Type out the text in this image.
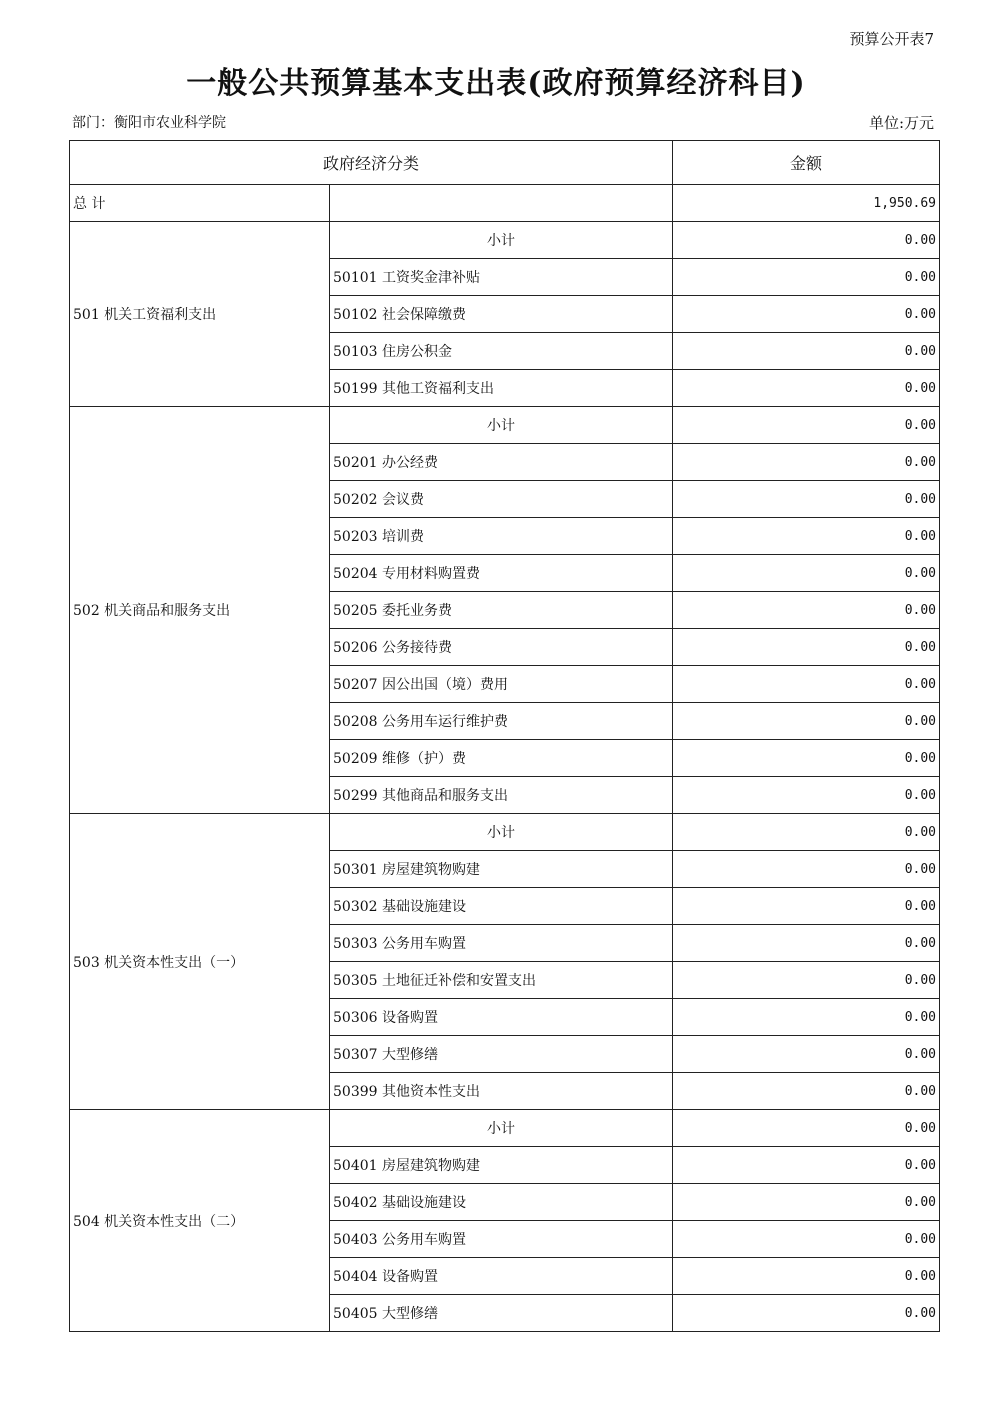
预算公开表7
一般公共预算基本支出表(政府预算经济科目)
部门：衡阳市农业科学院	单位:万元
政府经济分类		金额
总 计		1,950.69
501 机关工资福利支出	小计	0.00
	50101 工资奖金津补贴	0.00
	50102 社会保障缴费	0.00
	50103 住房公积金	0.00
	50199 其他工资福利支出	0.00
502 机关商品和服务支出	小计	0.00
	50201 办公经费	0.00
	50202 会议费	0.00
	50203 培训费	0.00
	50204 专用材料购置费	0.00
	50205 委托业务费	0.00
	50206 公务接待费	0.00
	50207 因公出国（境）费用	0.00
	50208 公务用车运行维护费	0.00
	50209 维修（护）费	0.00
	50299 其他商品和服务支出	0.00
503 机关资本性支出（一）	小计	0.00
	50301 房屋建筑物购建	0.00
	50302 基础设施建设	0.00
	50303 公务用车购置	0.00
	50305 土地征迁补偿和安置支出	0.00
	50306 设备购置	0.00
	50307 大型修缮	0.00
	50399 其他资本性支出	0.00
504 机关资本性支出（二）	小计	0.00
	50401 房屋建筑物购建	0.00
	50402 基础设施建设	0.00
	50403 公务用车购置	0.00
	50404 设备购置	0.00
	50405 大型修缮	0.00
